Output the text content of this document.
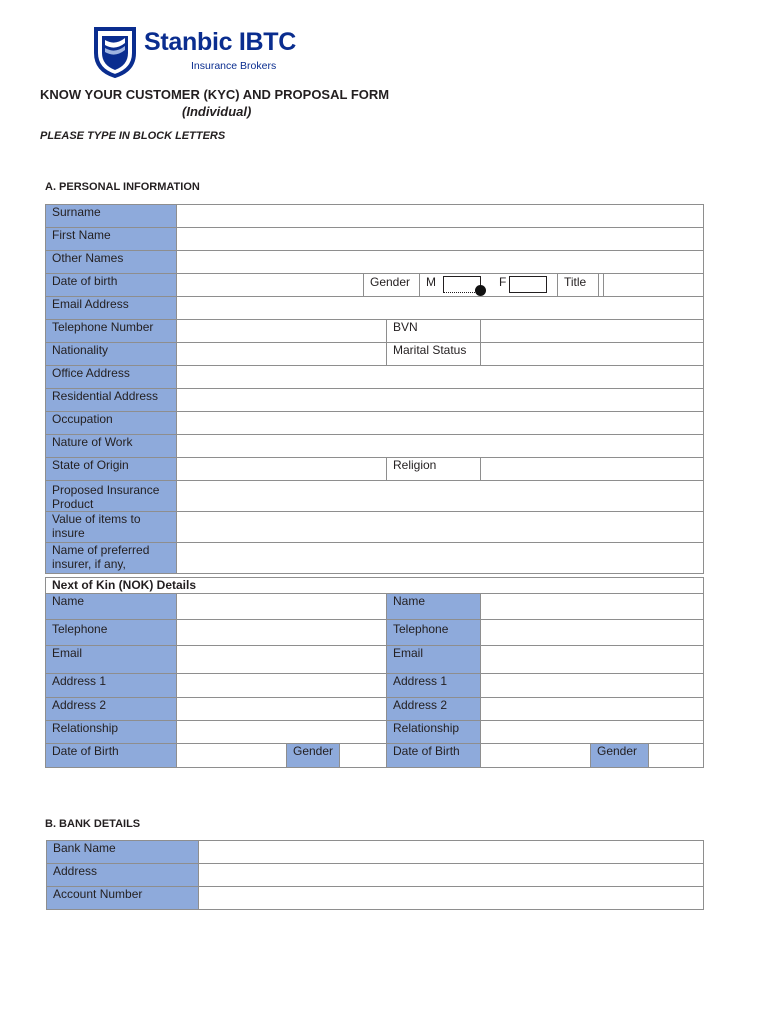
Stanbic IBTC
Insurance Brokers
KNOW YOUR CUSTOMER (KYC) AND PROPOSAL FORM
(Individual)
PLEASE TYPE IN BLOCK LETTERS
A. PERSONAL INFORMATION
Surname				
First Name				
Other Names				
Date of birth	Gender M F Title			

Email Address				
Telephone Number		BVN		
Nationality		Marital Status		
Office Address				
Residential Address				
Occupation				
Nature of Work				
State of Origin		Religion		
Proposed Insurance Product				
Value of items to insure				
Name of preferred insurer, if any,				
Next of Kin (NOK) Details						
Name			Name			
Telephone			Telephone			
Email			Email			
Address 1			Address 1			
Address 2			Address 2			
Relationship			Relationship			
Date of Birth		Gender	Date of Birth		Gender	
B. BANK DETAILS
Bank Name	
Address	
Account Number	
